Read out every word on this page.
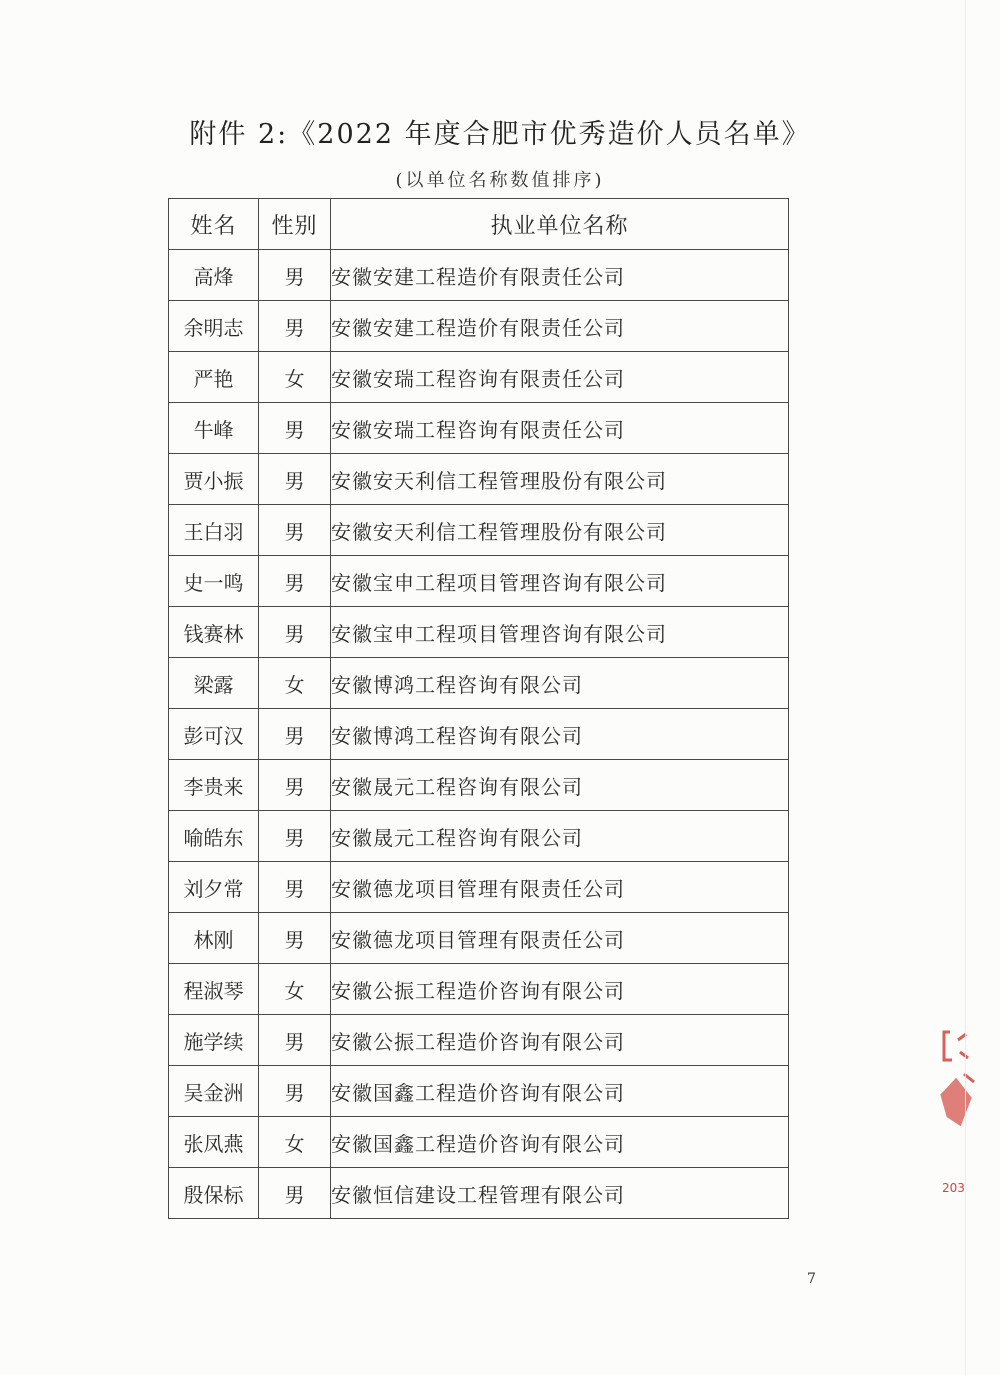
附件 2:《2022 年度合肥市优秀造价人员名单》
(以单位名称数值排序)
姓名	性别	执业单位名称
高烽	男	安徽安建工程造价有限责任公司
余明志	男	安徽安建工程造价有限责任公司
严艳	女	安徽安瑞工程咨询有限责任公司
牛峰	男	安徽安瑞工程咨询有限责任公司
贾小振	男	安徽安天利信工程管理股份有限公司
王白羽	男	安徽安天利信工程管理股份有限公司
史一鸣	男	安徽宝申工程项目管理咨询有限公司
钱赛林	男	安徽宝申工程项目管理咨询有限公司
梁露	女	安徽博鸿工程咨询有限公司
彭可汉	男	安徽博鸿工程咨询有限公司
李贵来	男	安徽晟元工程咨询有限公司
喻皓东	男	安徽晟元工程咨询有限公司
刘夕常	男	安徽德龙项目管理有限责任公司
林刚	男	安徽德龙项目管理有限责任公司
程淑琴	女	安徽公振工程造价咨询有限公司
施学续	男	安徽公振工程造价咨询有限公司
吴金洲	男	安徽国鑫工程造价咨询有限公司
张凤燕	女	安徽国鑫工程造价咨询有限公司
殷保标	男	安徽恒信建设工程管理有限公司
7
203
